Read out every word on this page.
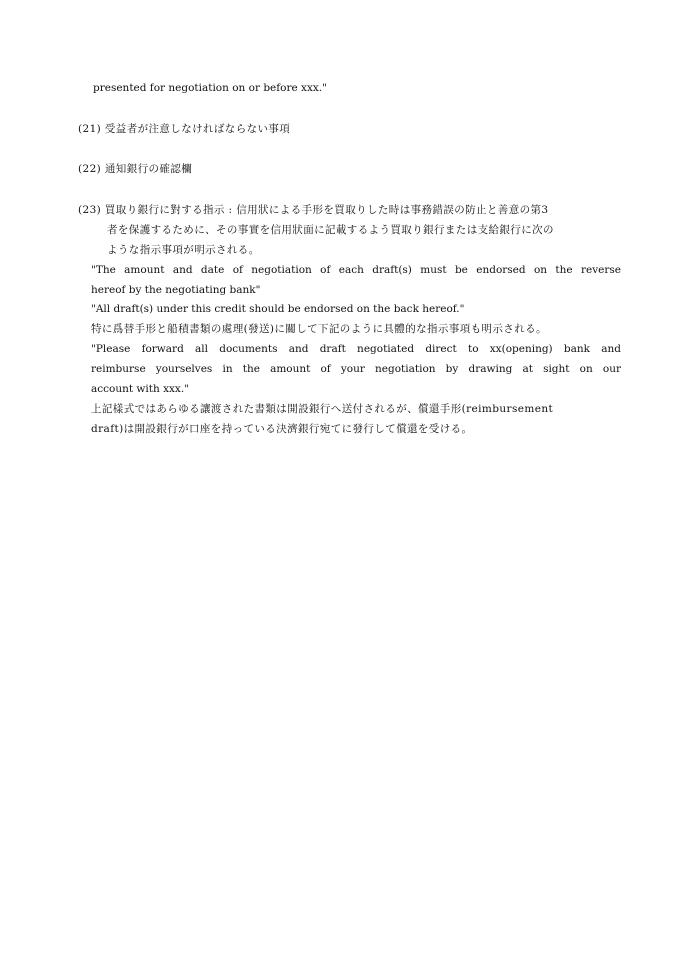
presented for negotiation on or before xxx."
(21) 受益者が注意しなければならない事項
(22) 通知銀行の確認欄
(23) 買取り銀行に對する指示 : 信用狀による手形を買取りした時は事務錯誤の防止と善意の第3
者を保護するために、その事實を信用狀面に記載するよう買取り銀行または支給銀行に次の
ような指示事項が明示される。
"The amount and date of negotiation of each draft(s) must be endorsed on the reverse
hereof by the negotiating bank"
"All draft(s) under this credit should be endorsed on the back hereof."
特に爲替手形と船積書類の處理(發送)に關して下記のように具體的な指示事項も明示される。
"Please forward all documents and draft negotiated direct to xx(opening) bank and
reimburse yourselves in the amount of your negotiation by drawing at sight on our
account with xxx."
上記樣式ではあらゆる讓渡された書類は開設銀行へ送付されるが、償還手形(reimbursement
draft)は開設銀行が口座を持っている決濟銀行宛てに發行して償還を受ける。
